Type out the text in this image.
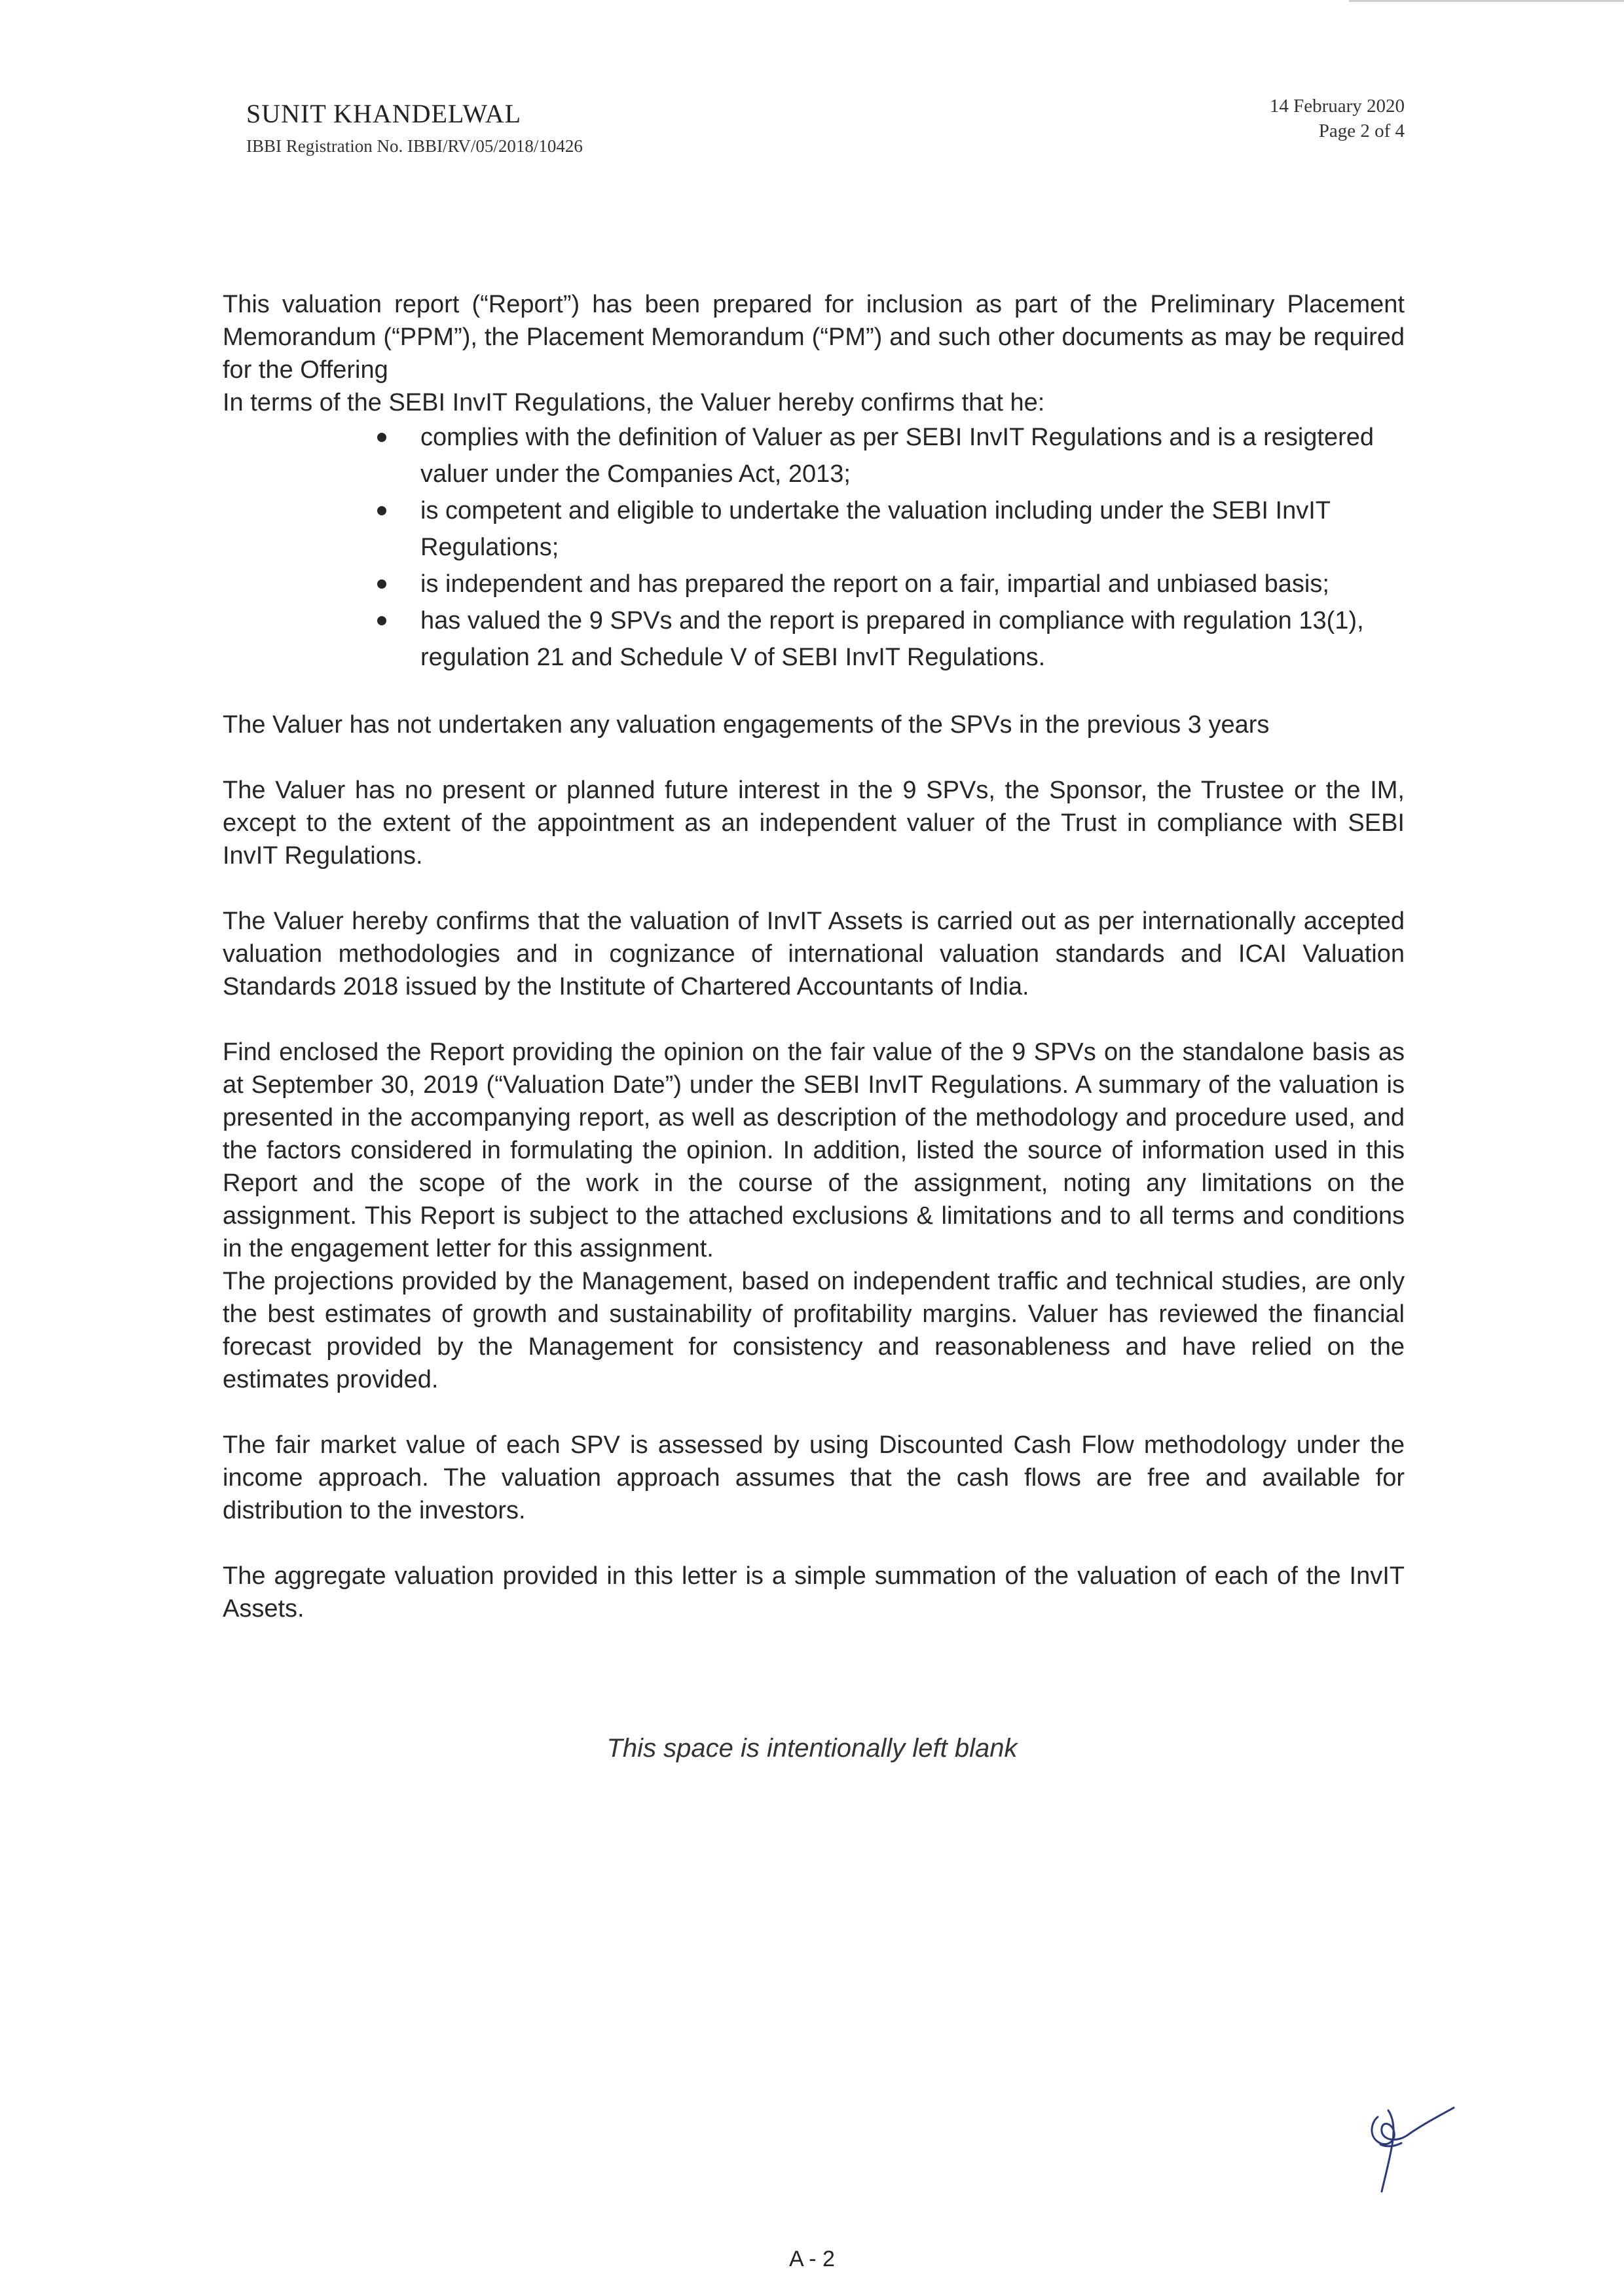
SUNIT KHANDELWAL
IBBI Registration No. IBBI/RV/05/2018/10426
14 February 2020
Page 2 of 4

This valuation report (“Report”) has been prepared for inclusion as part of the Preliminary Placement Memorandum (“PPM”), the Placement Memorandum (“PM”) and such other documents as may be required for the Offering

In terms of the SEBI InvIT Regulations, the Valuer hereby confirms that he:

complies with the definition of Valuer as per SEBI InvIT Regulations and is a resigtered valuer under the Companies Act, 2013;
is competent and eligible to undertake the valuation including under the SEBI InvIT Regulations;
is independent and has prepared the report on a fair, impartial and unbiased basis;
has valued the 9 SPVs and the report is prepared in compliance with regulation 13(1), regulation 21 and Schedule V of SEBI InvIT Regulations.

The Valuer has not undertaken any valuation engagements of the SPVs in the previous 3 years

The Valuer has no present or planned future interest in the 9 SPVs, the Sponsor, the Trustee or the IM, except to the extent of the appointment as an independent valuer of the Trust in compliance with SEBI InvIT Regulations.

The Valuer hereby confirms that the valuation of InvIT Assets is carried out as per internationally accepted valuation methodologies and in cognizance of international valuation standards and ICAI Valuation Standards 2018 issued by the Institute of Chartered Accountants of India.

Find enclosed the Report providing the opinion on the fair value of the 9 SPVs on the standalone basis as at September 30, 2019 (“Valuation Date”) under the SEBI InvIT Regulations. A summary of the valuation is presented in the accompanying report, as well as description of the methodology and procedure used, and the factors considered in formulating the opinion. In addition, listed the source of information used in this Report and the scope of the work in the course of the assignment, noting any limitations on the assignment. This Report is subject to the attached exclusions & limitations and to all terms and conditions in the engagement letter for this assignment.

The projections provided by the Management, based on independent traffic and technical studies, are only the best estimates of growth and sustainability of profitability margins. Valuer has reviewed the financial forecast provided by the Management for consistency and reasonableness and have relied on the estimates provided.

The fair market value of each SPV is assessed by using Discounted Cash Flow methodology under the income approach. The valuation approach assumes that the cash flows are free and available for distribution to the investors.

The aggregate valuation provided in this letter is a simple summation of the valuation of each of the InvIT Assets.

This space is intentionally left blank
A - 2
